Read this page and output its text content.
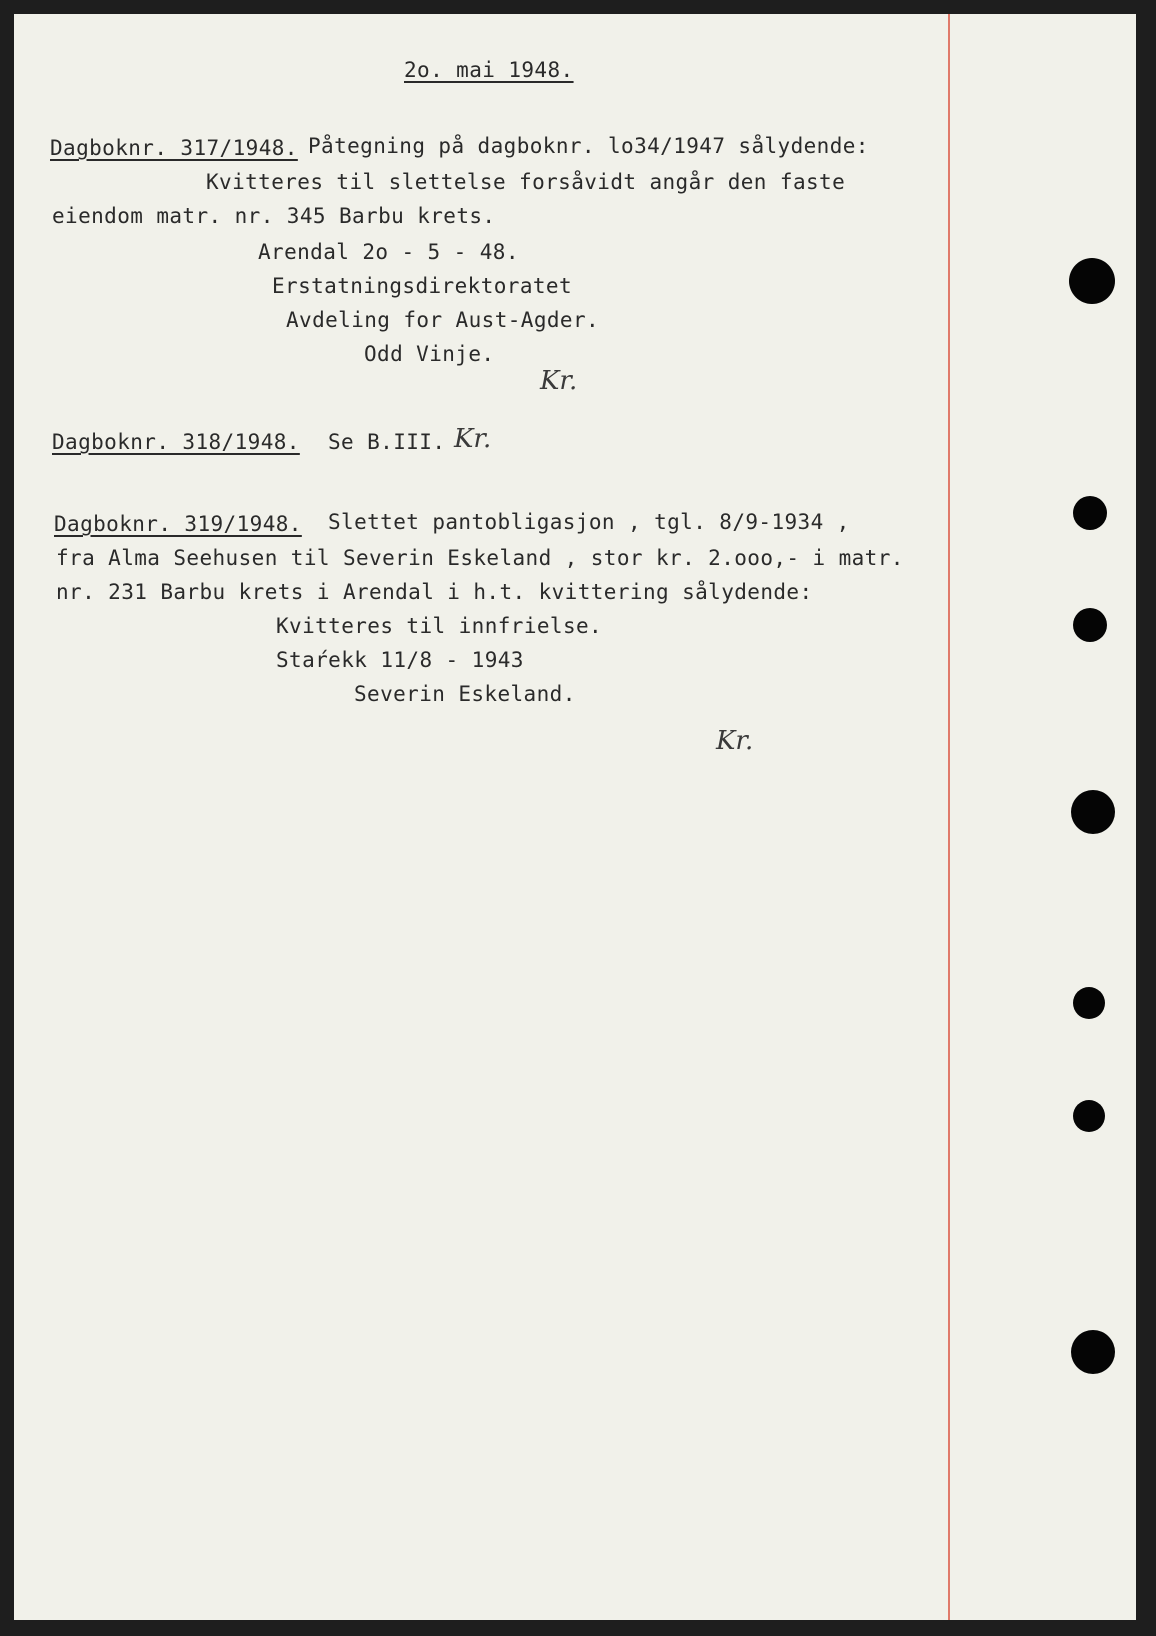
2o. mai 1948.
Dagboknr. 317/1948. Påtegning på dagboknr. lo34/1947 sålydende:
Kvitteres til slettelse forsåvidt angår den faste
eiendom matr. nr. 345 Barbu krets.
Arendal 2o - 5 - 48.
Erstatningsdirektoratet
Avdeling for Aust-Agder.
Odd Vinje.
Kr.
Dagboknr. 318/1948. Se B.III. Kr.
Dagboknr. 319/1948. Slettet pantobligasjon , tgl. 8/9-1934 ,
fra Alma Seehusen til Severin Eskeland , stor kr. 2.ooo,- i matr.
nr. 231 Barbu krets i Arendal i h.t. kvittering sålydende:
Kvitteres til innfrielse.
Staŕekk 11/8 - 1943
Severin Eskeland.
Kr.
